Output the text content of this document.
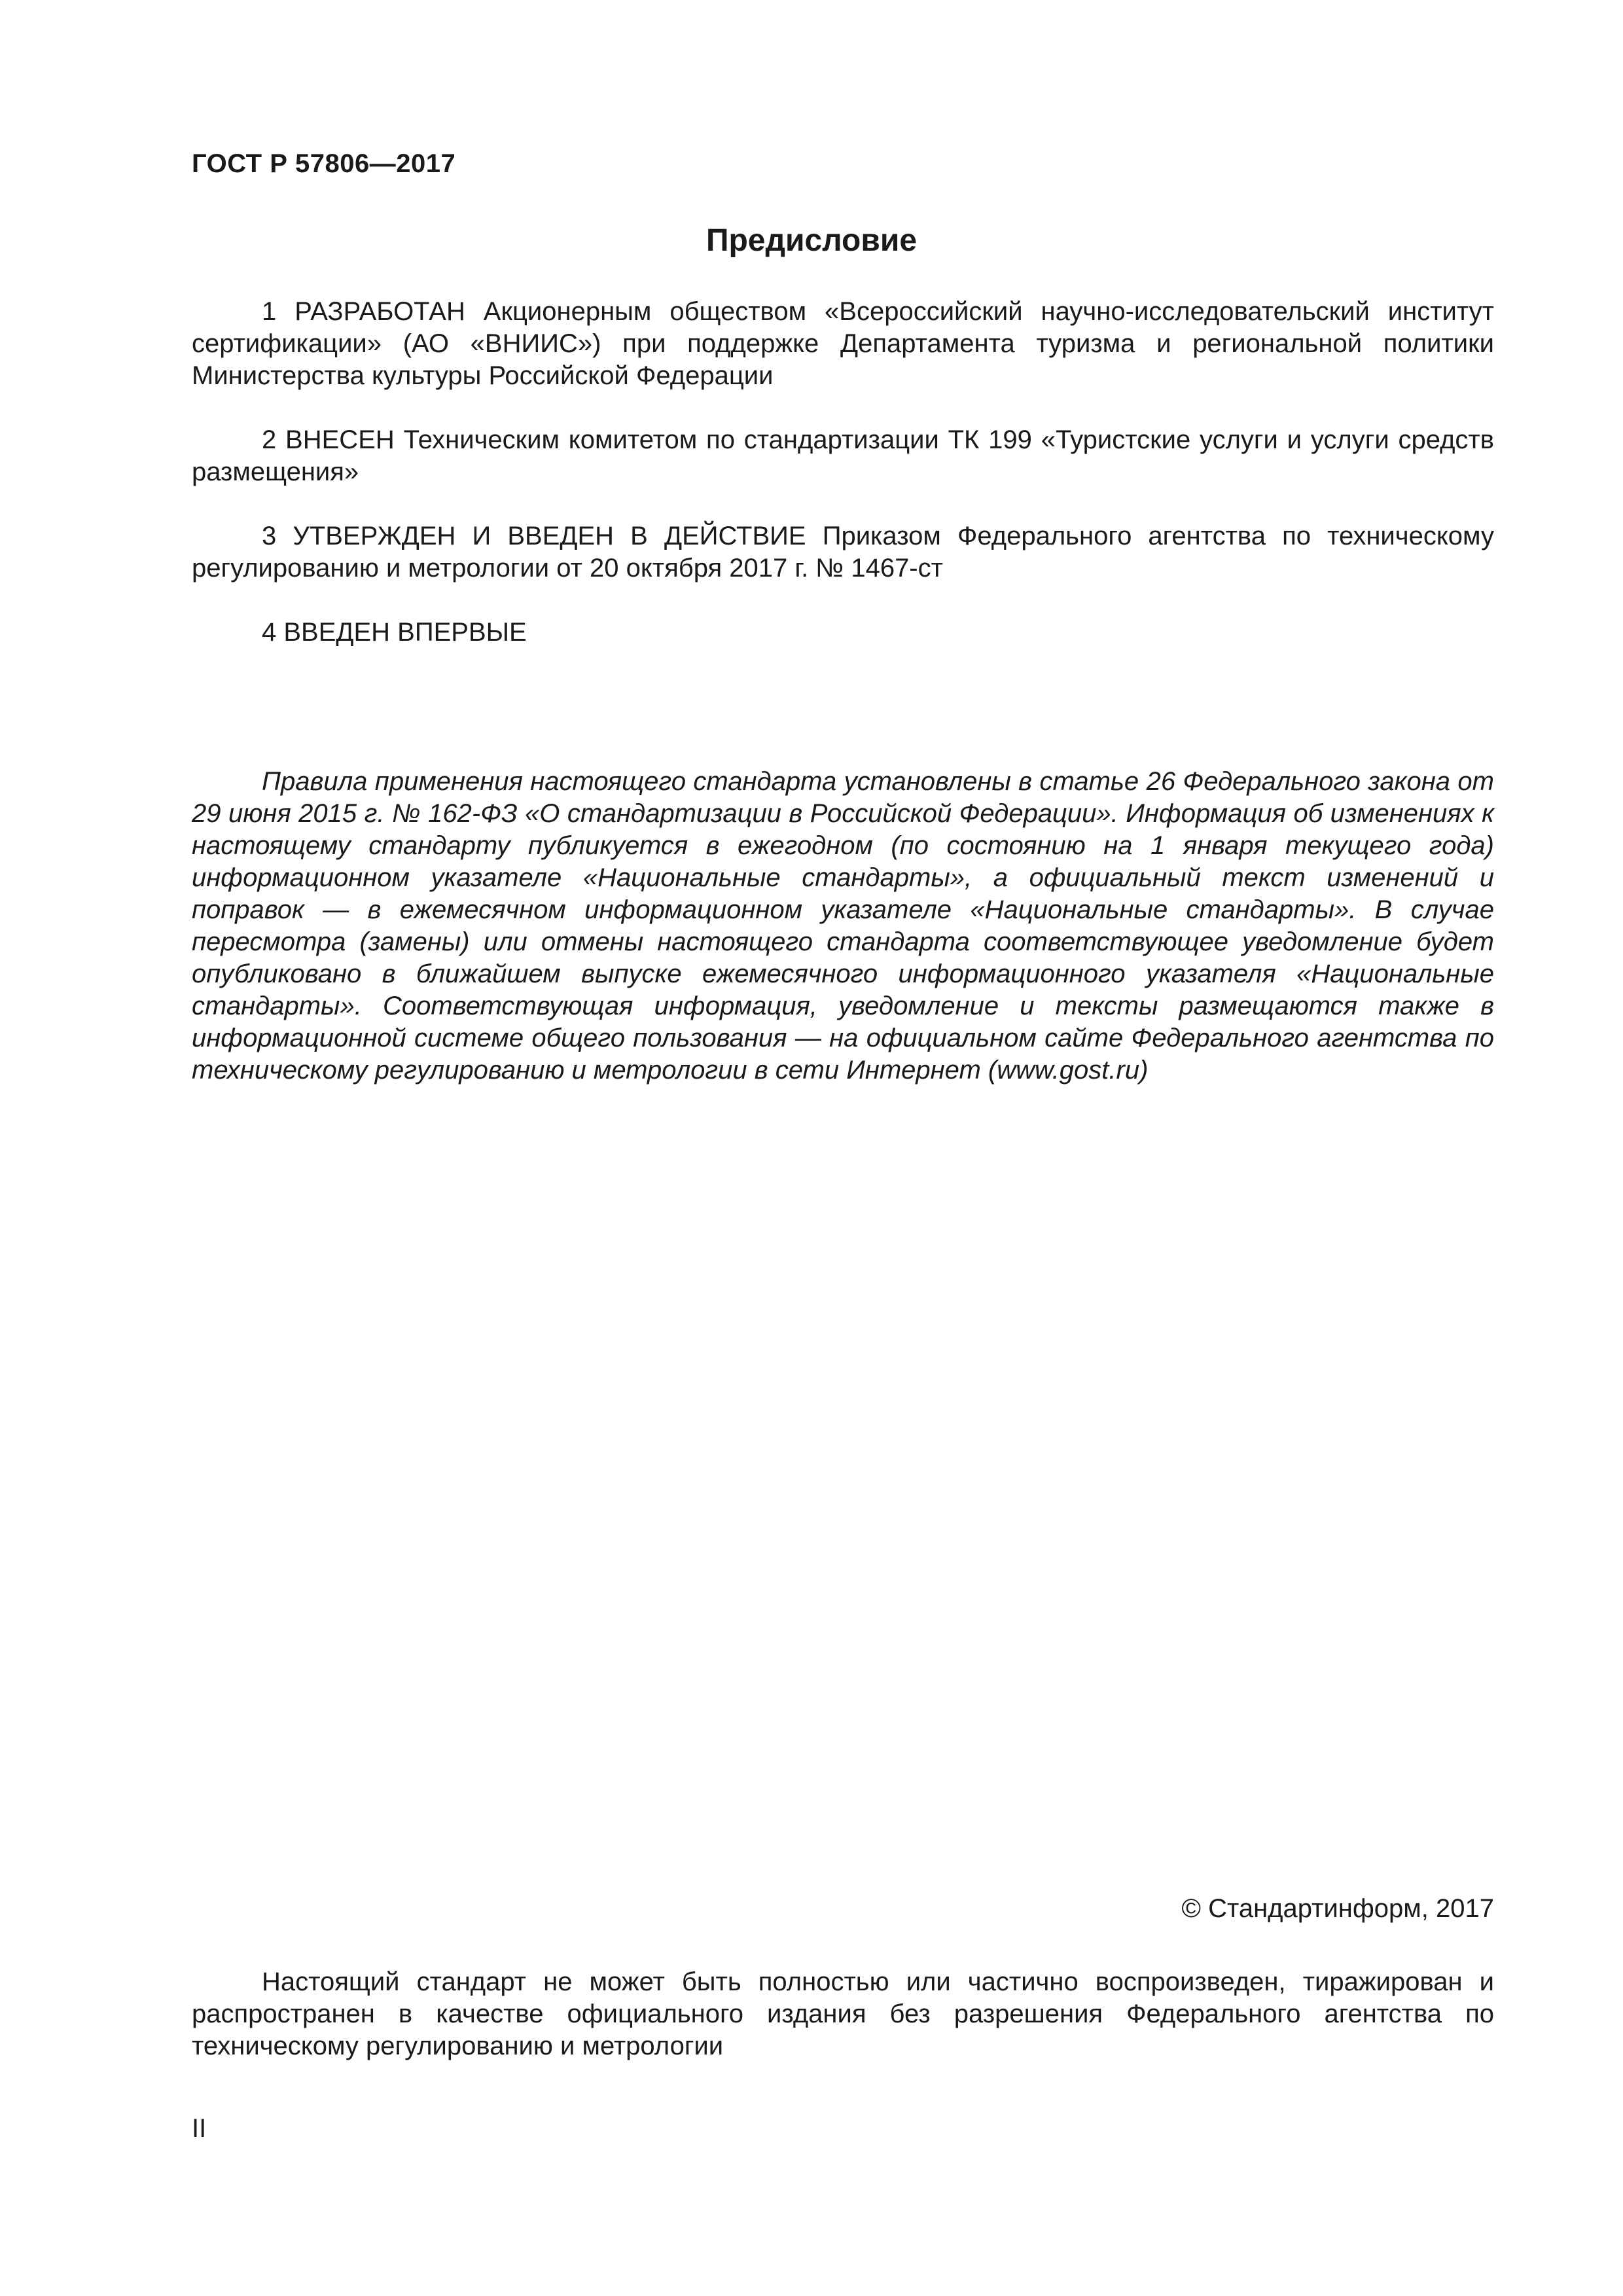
ГОСТ Р 57806—2017
Предисловие

1 РАЗРАБОТАН Акционерным обществом «Всероссийский научно-исследовательский институт сертификации» (АО «ВНИИС») при поддержке Департамента туризма и региональной политики Министерства культуры Российской Федерации

2 ВНЕСЕН Техническим комитетом по стандартизации ТК 199 «Туристские услуги и услуги средств размещения»

3 УТВЕРЖДЕН И ВВЕДЕН В ДЕЙСТВИЕ Приказом Федерального агентства по техническому регулированию и метрологии от 20 октября 2017 г. № 1467-ст

4 ВВЕДЕН ВПЕРВЫЕ

Правила применения настоящего стандарта установлены в статье 26 Федерального закона от 29 июня 2015 г. № 162-ФЗ «О стандартизации в Российской Федерации». Информация об изменениях к настоящему стандарту публикуется в ежегодном (по состоянию на 1 января текущего года) информационном указателе «Национальные стандарты», а официальный текст изменений и поправок — в ежемесячном информационном указателе «Национальные стандарты». В случае пересмотра (замены) или отмены настоящего стандарта соответствующее уведомление будет опубликовано в ближайшем выпуске ежемесячного информационного указателя «Национальные стандарты». Соответствующая информация, уведомление и тексты размещаются также в информационной системе общего пользования — на официальном сайте Федерального агентства по техническому регулированию и метрологии в сети Интернет (www.gost.ru)

© Стандартинформ, 2017

Настоящий стандарт не может быть полностью или частично воспроизведен, тиражирован и распространен в качестве официального издания без разрешения Федерального агентства по техническому регулированию и метрологии

II
